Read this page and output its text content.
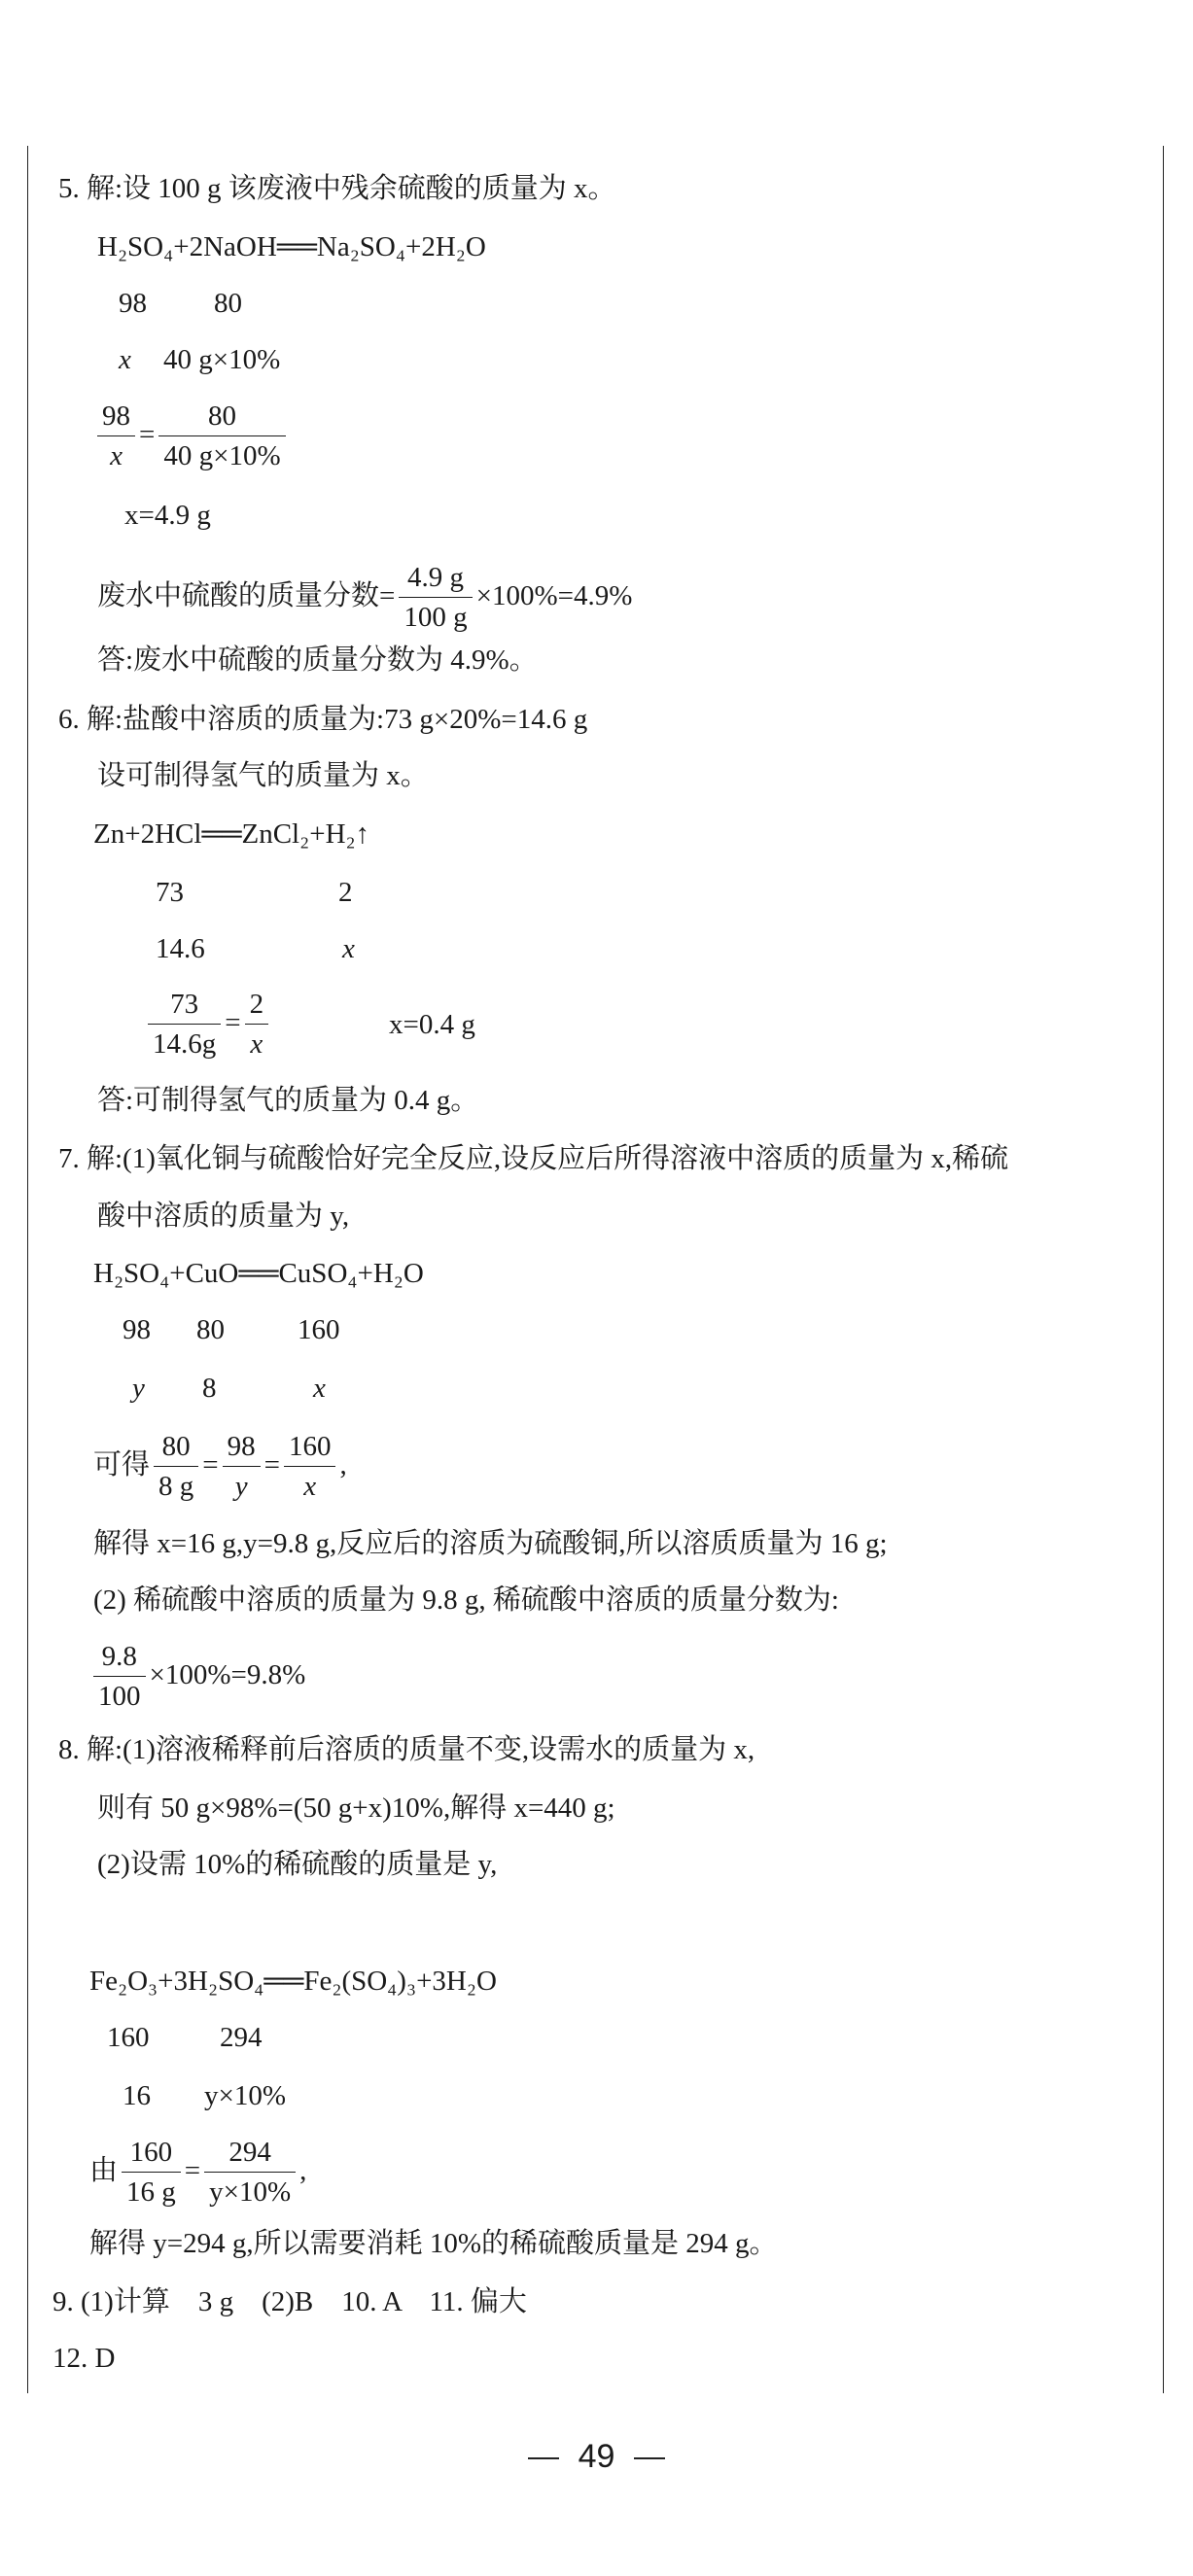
5. 解:设 100 g 该废液中残余硫酸的质量为 x。
H₂SO₄+2NaOH══Na₂SO₄+2H₂O
98 80
x 40 g×10%
$\frac{98}{x} = \frac{80}{40 g\times 10\%}$
x=4.9 g
废水中硫酸的质量分数= $\frac{4.9 g}{100 g} \times 100\%=4.9\%$
答:废水中硫酸的质量分数为 4.9%。
6. 解:盐酸中溶质的质量为:73 g×20%=14.6 g
设可制得氢气的质量为 x。
Zn+2HCl══ZnCl₂+H₂↑
73	2
14.6	x
$\frac{73}{14.6g} = \frac{2}{x}$	x=0.4 g
答:可制得氢气的质量为 0.4 g。
7. 解:(1)氧化铜与硫酸恰好完全反应,设反应后所得溶液中溶质的质量为 x,稀硫
酸中溶质的质量为 y,
H₂SO₄+CuO══CuSO₄+H₂O
98 80	160
y 8	x
可得 $\frac{80}{8 g} = \frac{98}{y} = \frac{160}{x}$ ,
解得 x=16 g,y=9.8 g,反应后的溶质为硫酸铜,所以溶质质量为 16 g;
(2) 稀硫酸中溶质的质量为 9.8 g, 稀硫酸中溶质的质量分数为:
$\frac{9.8}{100} \times 100\%=9.8\%$
8. 解:(1)溶液稀释前后溶质的质量不变,设需水的质量为 x,
则有 50 g×98%=(50 g+x)10%,解得 x=440 g;
(2)设需 10%的稀硫酸的质量是 y,
Fe₂O₃+3H₂SO₄══Fe₂(SO₄)₃+3H₂O
160	294
16 y×10%
由 $\frac{160}{16 g} = \frac{294}{y\times 10\%}$ ,
解得 y=294 g,所以需要消耗 10%的稀硫酸质量是 294 g。
9. (1)计算　3 g　(2)B　10. A　11. 偏大
12. D
49
